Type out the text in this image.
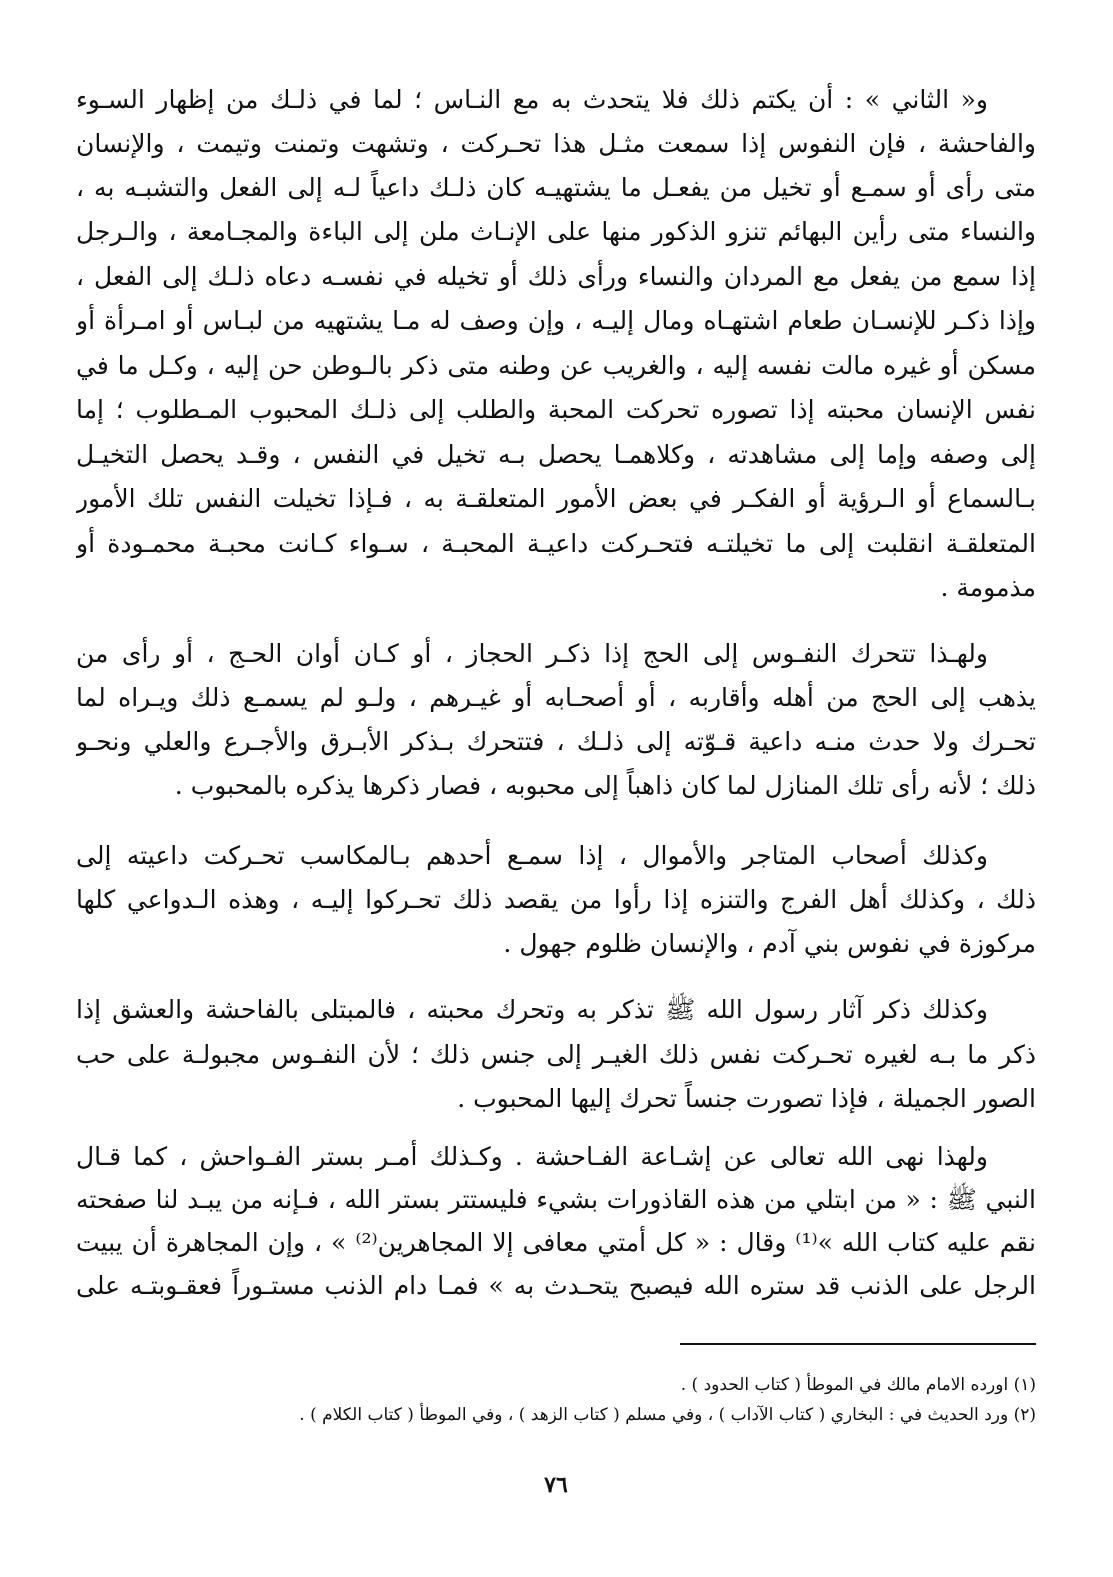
و« الثاني » : أن يكتم ذلك فلا يتحدث به مع النـاس ؛ لما في ذلـك من إظهار السـوء
والفاحشة ، فإن النفوس إذا سمعت مثـل هذا تحـركت ، وتشهت وتمنت وتيمت ، والإنسان
متى رأى أو سمـع أو تخيل من يفعـل ما يشتهيـه كان ذلـك داعياً لـه إلى الفعل والتشبـه به ،
والنساء متى رأين البهائم تنزو الذكور منها على الإنـاث ملن إلى الباءة والمجـامعة ، والـرجل
إذا سمع من يفعل مع المردان والنساء ورأى ذلك أو تخيله في نفسـه دعاه ذلـك إلى الفعل ،
وإذا ذكـر للإنسـان طعام اشتهـاه ومال إليـه ، وإن وصف له مـا يشتهيه من لبـاس أو امـرأة أو
مسكن أو غيره مالت نفسه إليه ، والغريب عن وطنه متى ذكر بالـوطن حن إليه ، وكـل ما في
نفس الإنسان محبته إذا تصوره تحركت المحبة والطلب إلى ذلـك المحبوب المـطلوب ؛ إما
إلى وصفه وإما إلى مشاهدته ، وكلاهمـا يحصل بـه تخيل في النفس ، وقـد يحصل التخيـل
بـالسماع أو الـرؤية أو الفكـر في بعض الأمور المتعلقـة به ، فـإذا تخيلت النفس تلك الأمور
المتعلقـة انقلبت إلى ما تخيلتـه فتحـركت داعيـة المحبـة ، سـواء كـانت محبـة محمـودة أو
مذمومة .
ولهـذا تتحرك النفـوس إلى الحج إذا ذكـر الحجاز ، أو كـان أوان الحـج ، أو رأى من
يذهب إلى الحج من أهله وأقاربه ، أو أصحـابه أو غيـرهم ، ولـو لم يسمـع ذلك ويـراه لما
تحـرك ولا حدث منـه داعية قـوّته إلى ذلـك ، فتتحرك بـذكر الأبـرق والأجـرع والعلي ونحـو
ذلك ؛ لأنه رأى تلك المنازل لما كان ذاهباً إلى محبوبه ، فصار ذكرها يذكره بالمحبوب .
وكذلك أصحاب المتاجر والأموال ، إذا سمـع أحدهم بـالمكاسب تحـركت داعيته إلى
ذلك ، وكذلك أهل الفرج والتنزه إذا رأوا من يقصد ذلك تحـركوا إليـه ، وهذه الـدواعي كلها
مركوزة في نفوس بني آدم ، والإنسان ظلوم جهول .
وكذلك ذكر آثار رسول الله ﷺ تذكر به وتحرك محبته ، فالمبتلى بالفاحشة والعشق إذا
ذكر ما بـه لغيره تحـركت نفس ذلك الغيـر إلى جنس ذلك ؛ لأن النفـوس مجبولـة على حب
الصور الجميلة ، فإذا تصورت جنساً تحرك إليها المحبوب .
ولهذا نهى الله تعالى عن إشـاعة الفـاحشة . وكـذلك أمـر بستر الفـواحش ، كما قـال
النبي ﷺ : « من ابتلي من هذه القاذورات بشيء فليستتر بستر الله ، فـإنه من يبـد لنا صفحته
نقم عليه كتاب الله »⁽¹⁾ وقال : « كل أمتي معافى إلا المجاهرين⁽²⁾ » ، وإن المجاهرة أن يبيت
الرجل على الذنب قد ستره الله فيصبح يتحـدث به » فمـا دام الذنب مستـوراً فعقـوبتـه على
(١) اورده الامام مالك في الموطأ ( كتاب الحدود ) .
(٢) ورد الحديث في : البخاري ( كتاب الآداب ) ، وفي مسلم ( كتاب الزهد ) ، وفي الموطأ ( كتاب الكلام ) .
٧٦
